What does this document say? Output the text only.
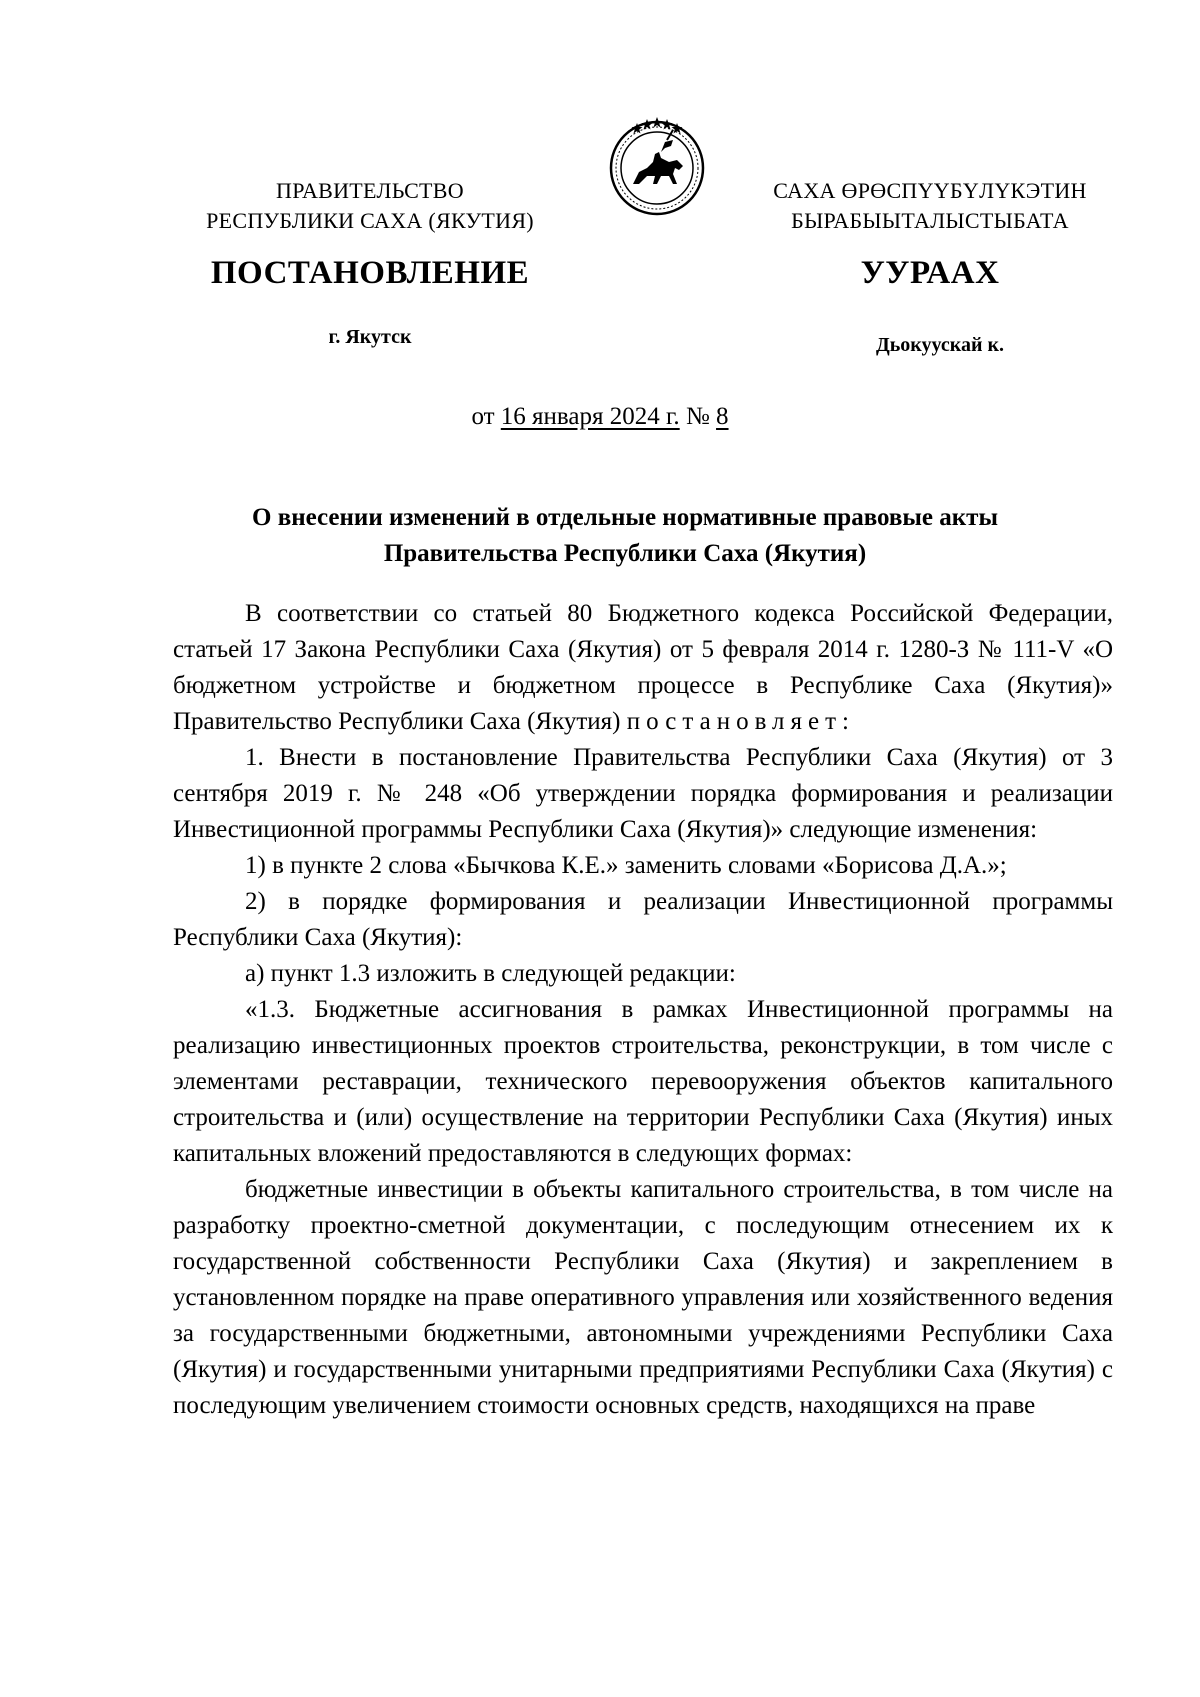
ПРАВИТЕЛЬСТВО
РЕСПУБЛИКИ САХА (ЯКУТИЯ)
САХА ӨРӨСПҮҮБҮЛҮКЭТИН
БЫРАБЫЫТАЛЫСТЫБАТА
ПОСТАНОВЛЕНИЕ	УУРААХ
г. Якутск	Дьокуускай к.
от 16 января 2024 г. № 8
О внесении изменений в отдельные нормативные правовые акты
Правительства Республики Саха (Якутия)

В соответствии со статьей 80 Бюджетного кодекса Российской Федерации, статьей 17 Закона Республики Саха (Якутия) от 5 февраля 2014 г. 1280-З № 111-V «О бюджетном устройстве и бюджетном процессе в Республике Саха (Якутия)» Правительство Республики Саха (Якутия) постановляет:

1. Внести в постановление Правительства Республики Саха (Якутия) от 3 сентября 2019 г. № 248 «Об утверждении порядка формирования и реализации Инвестиционной программы Республики Саха (Якутия)» следующие изменения:

1) в пункте 2 слова «Бычкова К.Е.» заменить словами «Борисова Д.А.»;

2) в порядке формирования и реализации Инвестиционной программы Республики Саха (Якутия):

а) пункт 1.3 изложить в следующей редакции:

«1.3. Бюджетные ассигнования в рамках Инвестиционной программы на реализацию инвестиционных проектов строительства, реконструкции, в том числе с элементами реставрации, технического перевооружения объектов капитального строительства и (или) осуществление на территории Республики Саха (Якутия) иных капитальных вложений предоставляются в следующих формах:

бюджетные инвестиции в объекты капитального строительства, в том числе на разработку проектно-сметной документации, с последующим отнесением их к государственной собственности Республики Саха (Якутия) и закреплением в установленном порядке на праве оперативного управления или хозяйственного ведения за государственными бюджетными, автономными учреждениями Республики Саха (Якутия) и государственными унитарными предприятиями Республики Саха (Якутия) с последующим увеличением стоимости основных средств, находящихся на праве
